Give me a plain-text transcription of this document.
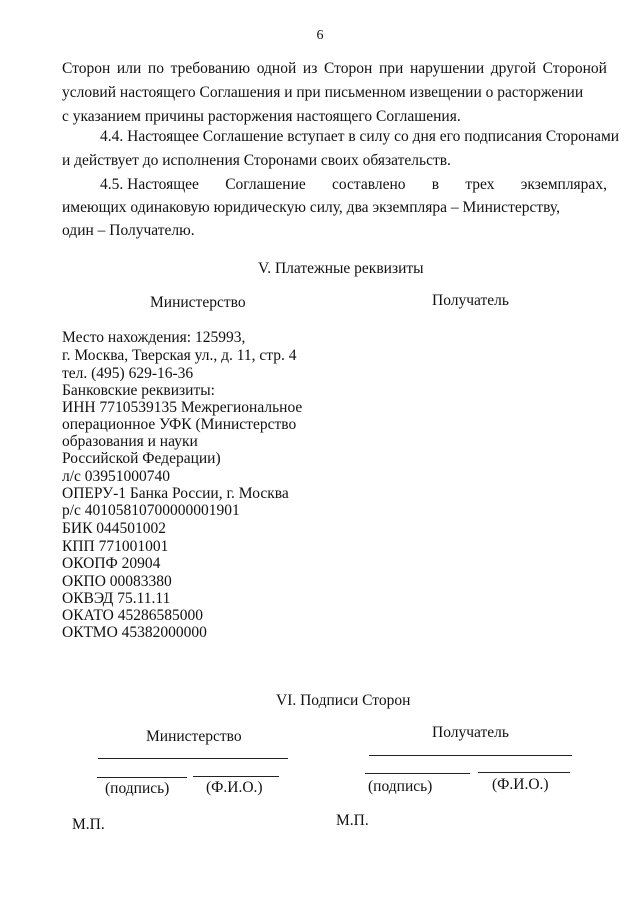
6
Сторон или по требованию одной из Сторон при нарушении другой Стороной
условий настоящего Соглашения и при письменном извещении о расторжении
с указанием причины расторжения настоящего Соглашения.
4.4. Настоящее Соглашение вступает в силу со дня его подписания Сторонами
и действует до исполнения Сторонами своих обязательств.
4.5. Настоящее Соглашение составлено в трех экземплярах,
имеющих одинаковую юридическую силу, два экземпляра – Министерству,
один – Получателю.
V. Платежные реквизиты
Министерство	Получатель
Место нахождения: 125993,
г. Москва, Тверская ул., д. 11, стр. 4
тел. (495) 629-16-36
Банковские реквизиты:
ИНН 7710539135 Межрегиональное
операционное УФК (Министерство
образования и науки
Российской Федерации)
л/с 03951000740
ОПЕРУ-1 Банка России, г. Москва
р/с 40105810700000001901
БИК 044501002
КПП 771001001
ОКОПФ 20904
ОКПО 00083380
ОКВЭД 75.11.11
ОКАТО 45286585000
ОКТМО 45382000000
VI. Подписи Сторон
Министерство	Получатель
(подпись) (Ф.И.О.)	(подпись)	(Ф.И.О.)
М.П.	М.П.
